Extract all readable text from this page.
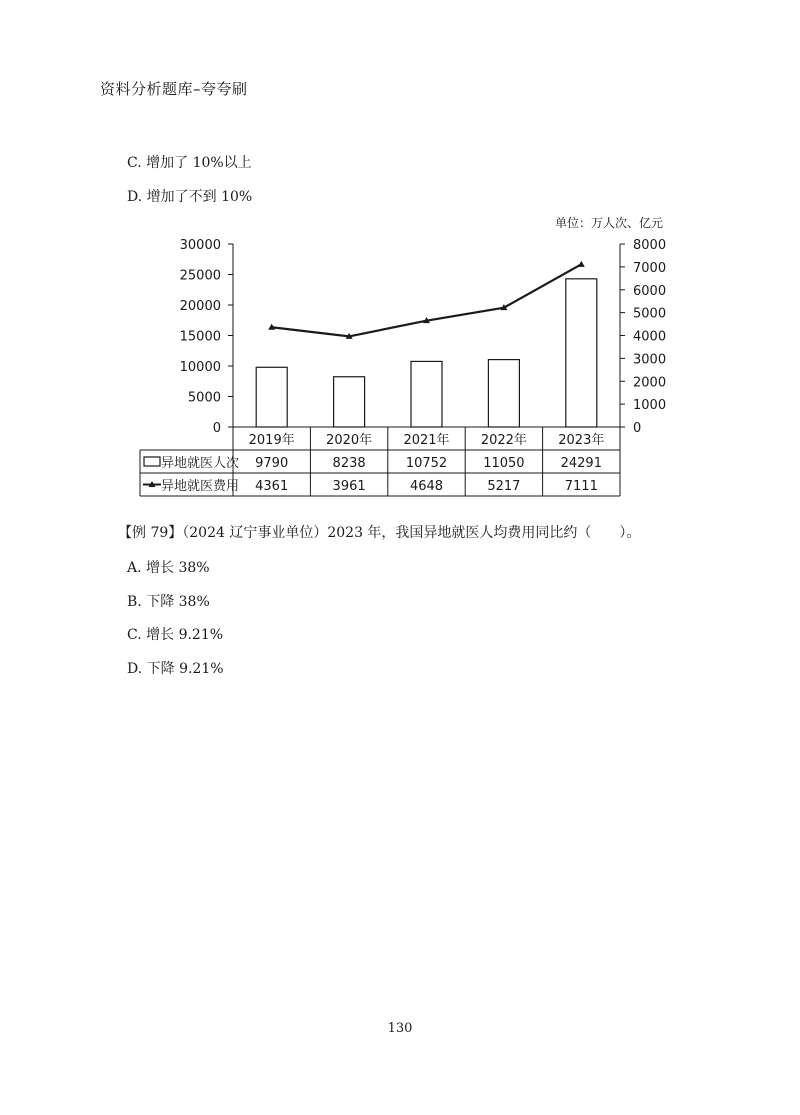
资料分析题库–夸夸刷
C. 增加了 10%以上
D. 增加了不到 10%
单位：万人次、亿元
0
5000
10000
15000
20000
25000
30000
0
1000
2000
3000
4000
5000
6000
7000
8000
2019年 2020年 2021年 2022年 2023年
异地就医人次 9790	8238	10752	11050	24291
异地就医费用 4361	3961	4648	5217	7111
【例 79】（2024 辽宁事业单位）2023 年，我国异地就医人均费用同比约（　　）。
A. 增长 38%
B. 下降 38%
C. 增长 9.21%
D. 下降 9.21%
130
